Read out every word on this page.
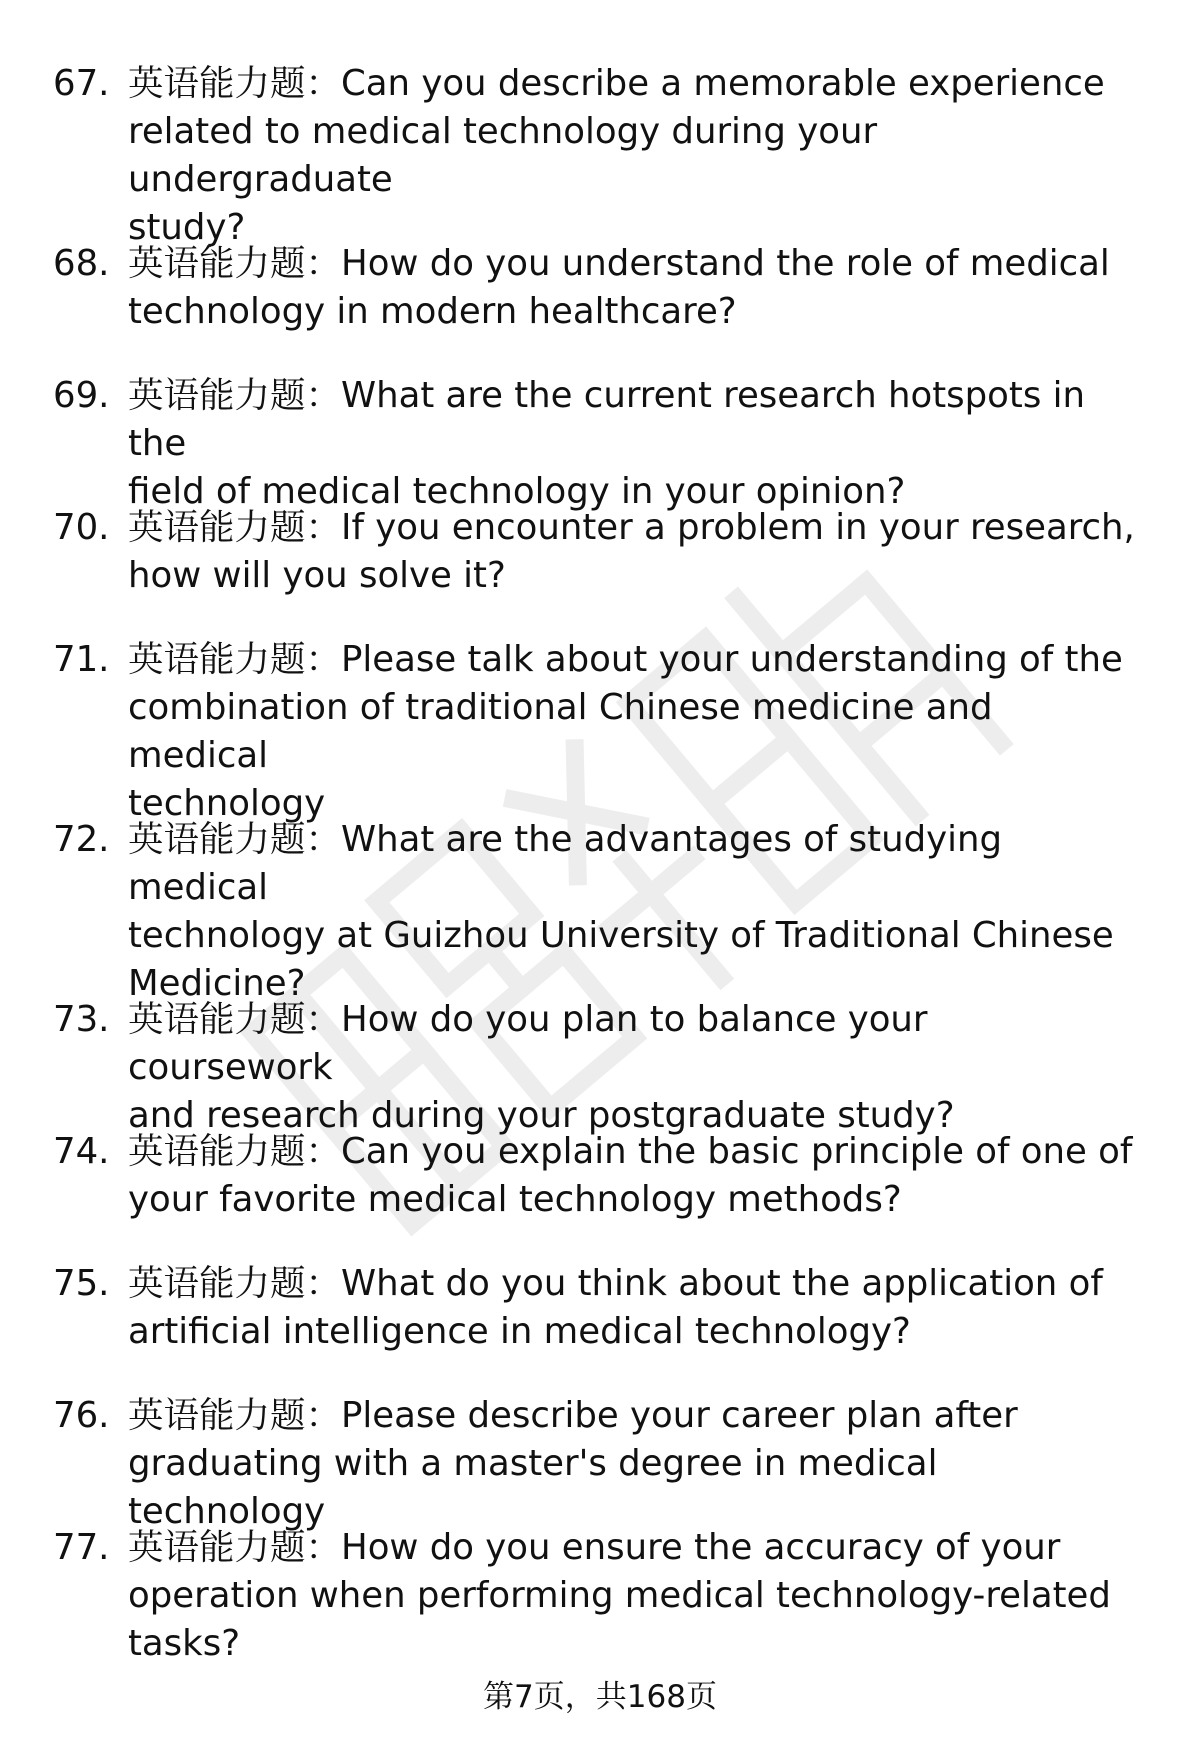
67. 英语能力题：Can you describe a memorable experience
related to medical technology during your undergraduate
study?
68. 英语能力题：How do you understand the role of medical
technology in modern healthcare?
69. 英语能力题：What are the current research hotspots in the
field of medical technology in your opinion?
70. 英语能力题：If you encounter a problem in your research,
how will you solve it?
71. 英语能力题：Please talk about your understanding of the
combination of traditional Chinese medicine and medical
technology
72. 英语能力题：What are the advantages of studying medical
technology at Guizhou University of Traditional Chinese
Medicine?
73. 英语能力题：How do you plan to balance your coursework
and research during your postgraduate study?
74. 英语能力题：Can you explain the basic principle of one of
your favorite medical technology methods?
75. 英语能力题：What do you think about the application of
artificial intelligence in medical technology?
76. 英语能力题：Please describe your career plan after
graduating with a master's degree in medical technology
77. 英语能力题：How do you ensure the accuracy of your
operation when performing medical technology-related
tasks?
第7页，共168页
